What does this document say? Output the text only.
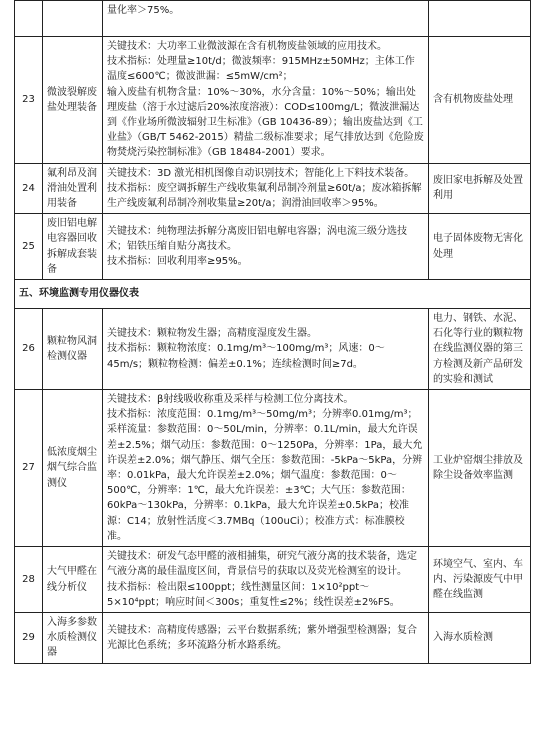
		量化率＞75%。	

23	微波裂解废盐处理装备	关键技术：大功率工业微波源在含有机物废盐领域的应用技术。
技术指标：处理量≥10t/d；微波频率：915MHz±50MHz；主体工作温度≤600℃；微波泄漏：≤5mW/cm²；
输入废盐有机物含量：10%～30%，水分含量：10%～50%；输出处理废盐（溶于水过滤后20%浓度溶液）：COD≤100mg/L；微波泄漏达到《作业场所微波辐射卫生标准》（GB 10436-89）；输出废盐达到《工业盐》（GB/T 5462-2015）精盐二级标准要求；尾气排放达到《危险废物焚烧污染控制标准》（GB 18484-2001）要求。	含有机物废盐处理
24	氟利昂及润滑油处置利用装备	关键技术：3D 激光相机图像自动识别技术；智能化上下料技术装备。
技术指标：废空调拆解生产线收集氟利昂制冷剂量≥60t/a；废冰箱拆解生产线废氟利昂制冷剂收集量≥20t/a；润滑油回收率＞95%。	废旧家电拆解及处置利用
25	废旧铝电解电容器回收拆解成套装备	关键技术：纯物理法拆解分离废旧铝电解电容器；涡电流三级分选技术；铝铁压缩自贴分离技术。
技术指标：回收利用率≥95%。	电子固体废物无害化处理
五、环境监测专用仪器仪表			
26	颗粒物风洞检测仪器	关键技术：颗粒物发生器；高精度湿度发生器。
技术指标：颗粒物浓度：0.1mg/m³～100mg/m³；风速：0～45m/s；颗粒物检测：偏差±0.1%；连续检测时间≥7d。	电力、钢铁、水泥、石化等行业的颗粒物在线监测仪器的第三方检测及新产品研发的实验和测试
27	低浓度烟尘烟气综合监测仪	关键技术：β射线吸收称重及采样与检测工位分离技术。
技术指标：浓度范围：0.1mg/m³～50mg/m³；分辨率0.01mg/m³；采样流量：参数范围：0～50L/min，分辨率：0.1L/min，最大允许误差±2.5%；烟气动压：参数范围：0～1250Pa，分辨率：1Pa，最大允许误差±2.0%；烟气静压、烟气全压：参数范围：-5kPa～5kPa，分辨率：0.01kPa，最大允许误差±2.0%；烟气温度：参数范围：0～500℃，分辨率：1℃，最大允许误差：±3℃；大气压：参数范围：60kPa～130kPa，分辨率：0.1kPa，最大允许误差±0.5kPa；校准源：C14；放射性活度＜3.7MBq（100uCi）；校准方式：标准膜校准。	工业炉窑烟尘排放及除尘设备效率监测
28	大气甲醛在线分析仪	关键技术：研发气态甲醛的液相捕集，研究气液分离的技术装备，选定气液分离的最佳温度区间，背景信号的获取以及荧光检测室的设计。
技术指标：检出限≤100ppt；线性测量区间：1×10²ppt～5×10⁴ppt；响应时间＜300s；重复性≤2%；线性误差±2%FS。	环境空气、室内、车内、污染源废气中甲醛在线监测
29	入海多参数水质检测仪器	关键技术：高精度传感器；云平台数据系统；紫外增强型检测器；复合光源比色系统；多环流路分析水路系统。	入海水质检测
